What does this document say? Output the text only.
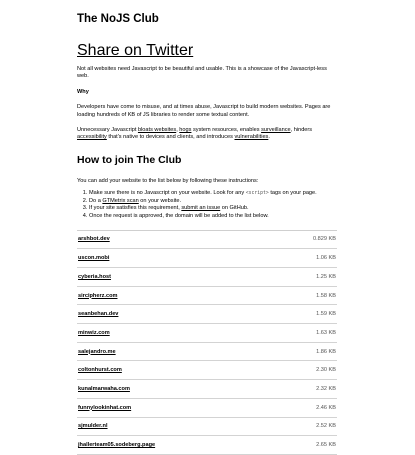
The NoJS Club
Share on Twitter

Not all websites need Javascript to be beautiful and usable. This is a showcase of the Javascript-less web.

Why

Developers have come to misuse, and at times abuse, Javascript to build modern websites. Pages are loading hundreds of KB of JS libraries to render some textual content.

Unnecessary Javascript bloats websites, hogs system resources, enables surveillance, hinders accessibility that's native to devices and clients, and introduces vulnerabilities.

How to join The Club

You can add your website to the list below by following these instructions:

1. Make sure there is no Javascript on your website. Look for any <script> tags on your page.
2. Do a GTMetrix scan on your website.
3. If your site satisfies this requirement, submit an issue on GitHub.
4. Once the request is approved, the domain will be added to the list below.
arshbot.dev	0.829 KB
uscon.mobi	1.06 KB
cyberia.host	1.25 KB
sircipherz.com	1.58 KB
seanbehan.dev	1.59 KB
minwiz.com	1.63 KB
salejandro.me	1.86 KB
coltonhurst.com	2.30 KB
kunalmarwaha.com	2.32 KB
funnylookinhat.com	2.46 KB
sjmulder.nl	2.52 KB
jhallerteam05.sodeberg.page	2.65 KB
